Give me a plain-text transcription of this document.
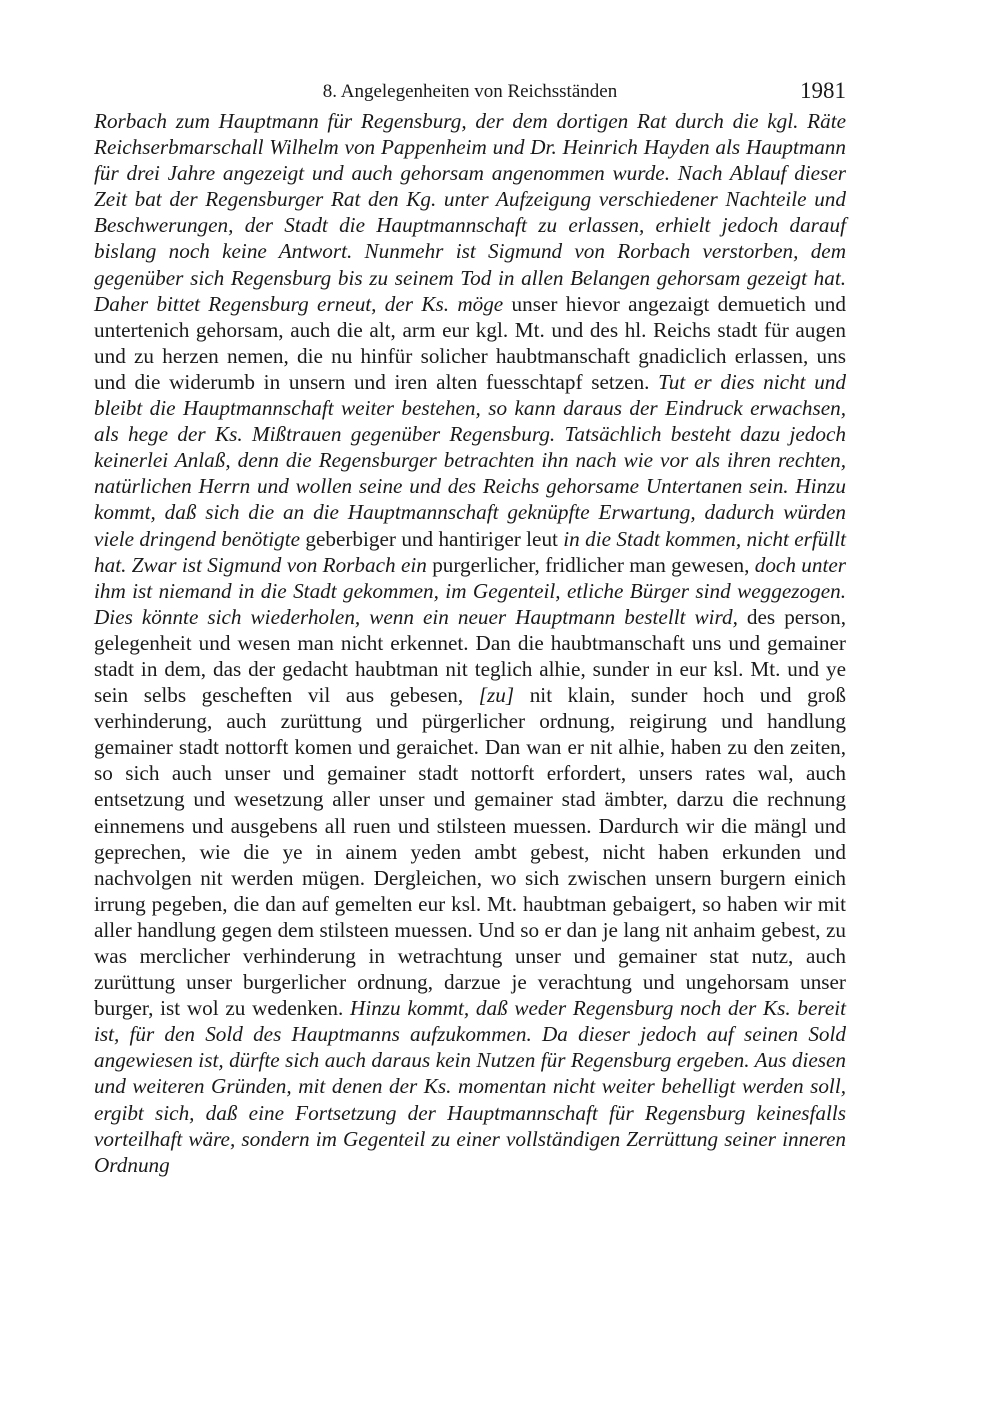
8. Angelegenheiten von Reichsständen	1981

Rorbach zum Hauptmann für Regensburg, der dem dortigen Rat durch die kgl. Räte Reichserbmarschall Wilhelm von Pappenheim und Dr. Heinrich Hayden als Hauptmann für drei Jahre angezeigt und auch gehorsam angenommen wurde. Nach Ablauf dieser Zeit bat der Regensburger Rat den Kg. unter Aufzeigung verschiedener Nachteile und Beschwerungen, der Stadt die Hauptmannschaft zu erlassen, erhielt jedoch darauf bislang noch keine Antwort. Nunmehr ist Sigmund von Rorbach verstorben, dem gegenüber sich Regensburg bis zu seinem Tod in allen Belangen gehorsam gezeigt hat. Daher bittet Regensburg erneut, der Ks. möge unser hievor angezaigt demuetich und untertenich gehorsam, auch die alt, arm eur kgl. Mt. und des hl. Reichs stadt für augen und zu herzen nemen, die nu hinfür solicher haubtmanschaft gnadiclich erlassen, uns und die widerumb in unsern und iren alten fuesschtapf setzen. Tut er dies nicht und bleibt die Hauptmannschaft weiter bestehen, so kann daraus der Eindruck erwachsen, als hege der Ks. Mißtrauen gegenüber Regensburg. Tatsächlich besteht dazu jedoch keinerlei Anlaß, denn die Regensburger betrachten ihn nach wie vor als ihren rechten, natürlichen Herrn und wollen seine und des Reichs gehorsame Untertanen sein. Hinzu kommt, daß sich die an die Hauptmannschaft geknüpfte Erwartung, dadurch würden viele dringend benötigte geberbiger und hantiriger leut in die Stadt kommen, nicht erfüllt hat. Zwar ist Sigmund von Rorbach ein purgerlicher, fridlicher man gewesen, doch unter ihm ist niemand in die Stadt gekommen, im Gegenteil, etliche Bürger sind weggezogen. Dies könnte sich wiederholen, wenn ein neuer Hauptmann bestellt wird, des person, gelegenheit und wesen man nicht erkennet. Dan die haubtmanschaft uns und gemainer stadt in dem, das der gedacht haubtman nit teglich alhie, sunder in eur ksl. Mt. und ye sein selbs gescheften vil aus gebesen, [zu] nit klain, sunder hoch und groß verhinderung, auch zurüttung und pürgerlicher ordnung, reigirung und handlung gemainer stadt nottorft komen und geraichet. Dan wan er nit alhie, haben zu den zeiten, so sich auch unser und gemainer stadt nottorft erfordert, unsers rates wal, auch entsetzung und wesetzung aller unser und gemainer stad ämbter, darzu die rechnung einnemens und ausgebens all ruen und stilsteen muessen. Dardurch wir die mängl und geprechen, wie die ye in ainem yeden ambt gebest, nicht haben erkunden und nachvolgen nit werden mügen. Dergleichen, wo sich zwischen unsern burgern einich irrung pegeben, die dan auf gemelten eur ksl. Mt. haubtman gebaigert, so haben wir mit aller handlung gegen dem stilsteen muessen. Und so er dan je lang nit anhaim gebest, zu was merclicher verhinderung in wetrachtung unser und gemainer stat nutz, auch zurüttung unser burgerlicher ordnung, darzue je verachtung und ungehorsam unser burger, ist wol zu wedenken. Hinzu kommt, daß weder Regensburg noch der Ks. bereit ist, für den Sold des Hauptmanns aufzukommen. Da dieser jedoch auf seinen Sold angewiesen ist, dürfte sich auch daraus kein Nutzen für Regensburg ergeben. Aus diesen und weiteren Gründen, mit denen der Ks. momentan nicht weiter behelligt werden soll, ergibt sich, daß eine Fortsetzung der Hauptmannschaft für Regensburg keinesfalls vorteilhaft wäre, sondern im Gegenteil zu einer vollständigen Zerrüttung seiner inneren Ordnung
